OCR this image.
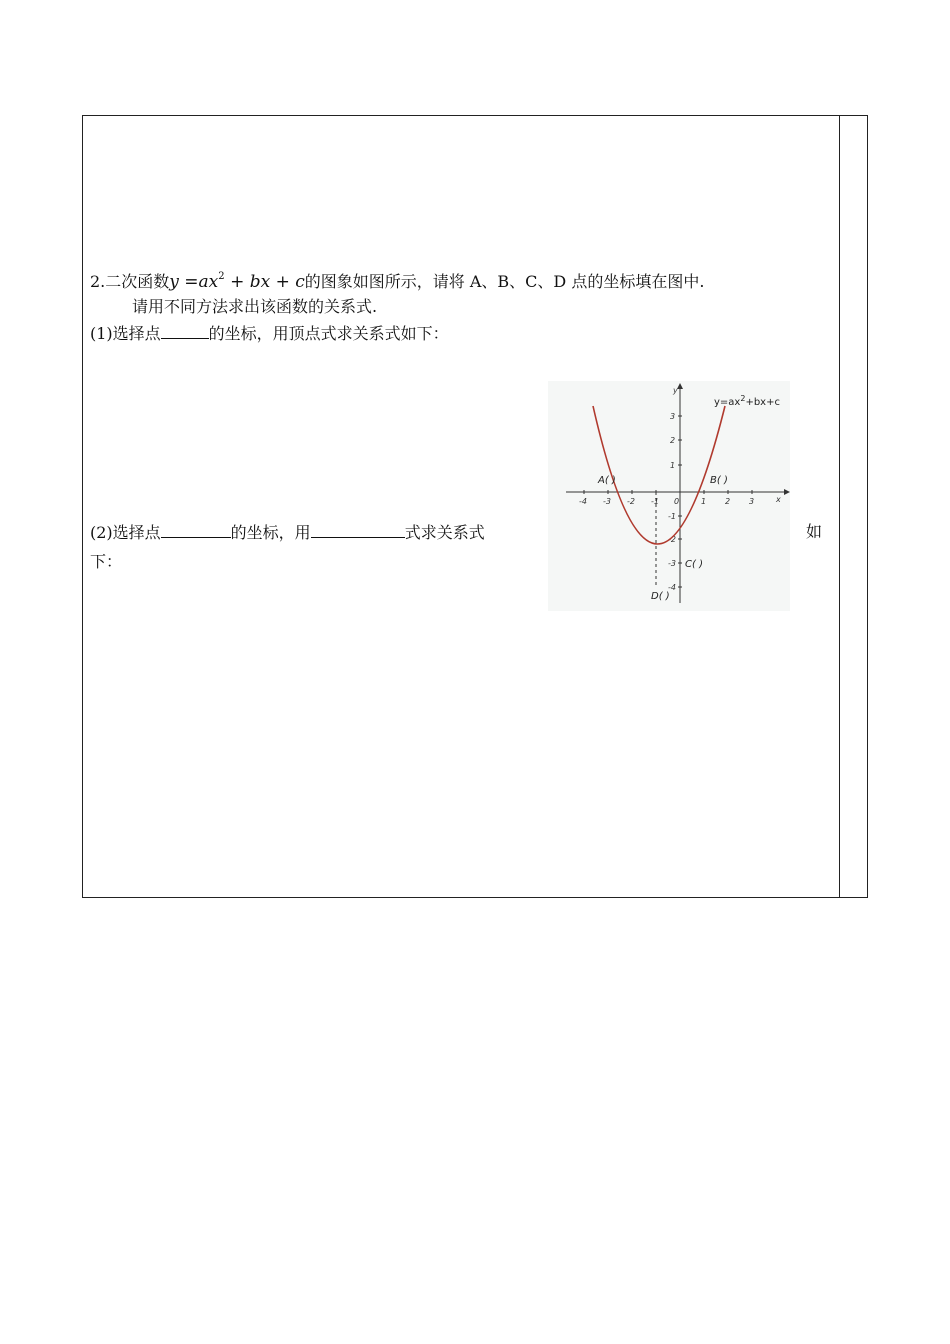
2.二次函数$y =ax^2$ + bx + c的图象如图所示，请将 A、B、C、D 点的坐标填在图中.
请用不同方法求出该函数的关系式.
(1)选择点	的坐标，用顶点式求关系式如下：
(2)选择点	的坐标，用	式求关系式	如
下：
-4 -3 -2 -1 0	1 2 3	x
3
2
1
-1
-2
-3
-4
y
$y=ax^2+bx+c$
A( )	B( )
C( )
D( )
